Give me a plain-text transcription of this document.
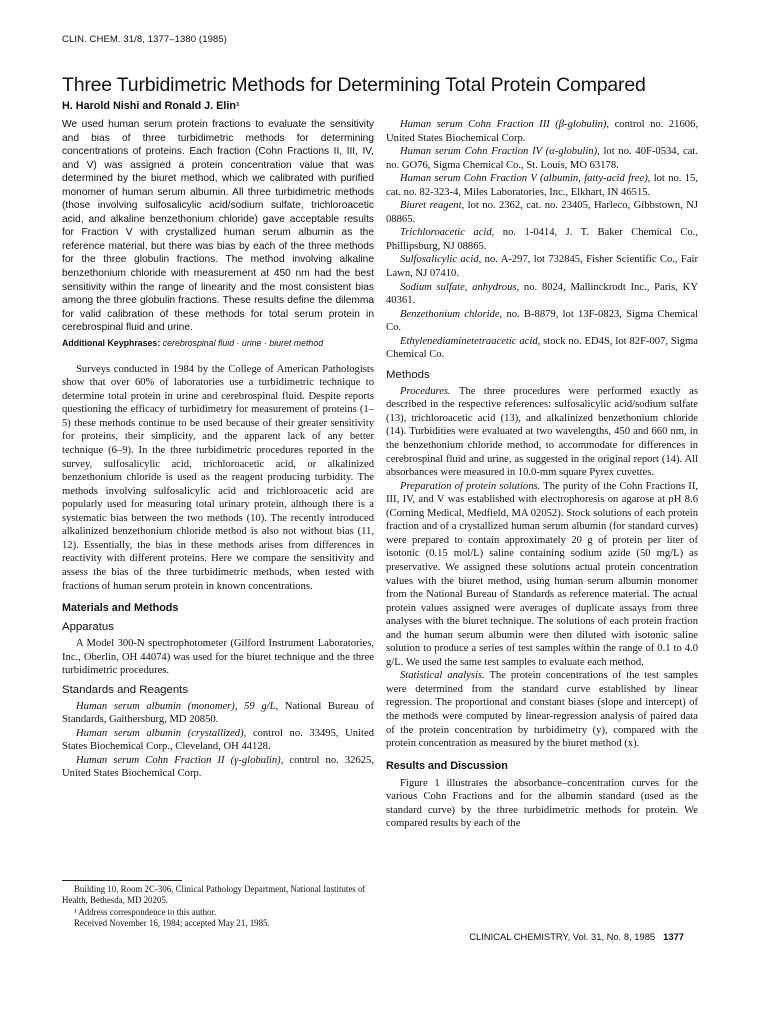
CLIN. CHEM. 31/8, 1377–1380 (1985)
Three Turbidimetric Methods for Determining Total Protein Compared
H. Harold Nishi and Ronald J. Elin¹

We used human serum protein fractions to evaluate the sensitivity and bias of three turbidimetric methods for determining concentrations of proteins. Each fraction (Cohn Fractions II, III, IV, and V) was assigned a protein concentration value that was determined by the biuret method, which we calibrated with purified monomer of human serum albumin. All three turbidimetric methods (those involving sulfosalicylic acid/sodium sulfate, trichloroacetic acid, and alkaline benzethonium chloride) gave acceptable results for Fraction V with crystallized human serum albumin as the reference material, but there was bias by each of the three methods for the three globulin fractions. The method involving alkaline benzethonium chloride with measurement at 450 nm had the best sensitivity within the range of linearity and the most consistent bias among the three globulin fractions. These results define the dilemma for valid calibration of these methods for total serum protein in cerebrospinal fluid and urine.

Additional Keyphrases: cerebrospinal fluid · urine · biuret method

Surveys conducted in 1984 by the College of American Pathologists show that over 60% of laboratories use a turbidimetric technique to determine total protein in urine and cerebrospinal fluid. Despite reports questioning the efficacy of turbidimetry for measurement of proteins (1–5) these methods continue to be used because of their greater sensitivity for proteins, their simplicity, and the apparent lack of any better technique (6–9). In the three turbidimetric procedures reported in the survey, sulfosalicylic acid, trichloroacetic acid, or alkalinized benzethonium chloride is used as the reagent producing turbidity. The methods involving sulfosalicylic acid and trichloroacetic acid are popularly used for measuring total urinary protein, although there is a systematic bias between the two methods (10). The recently introduced alkalinized benzethonium chloride method is also not without bias (11, 12). Essentially, the bias in these methods arises from differences in reactivity with different proteins. Here we compare the sensitivity and assess the bias of the three turbidimetric methods, when tested with fractions of human serum protein in known concentrations.

Materials and Methods
Apparatus

A Model 300-N spectrophotometer (Gilford Instrument Laboratories, Inc., Oberlin, OH 44074) was used for the biuret technique and the three turbidimetric procedures.

Standards and Reagents

Human serum albumin (monomer), 59 g/L, National Bureau of Standards, Gaithersburg, MD 20850.

Human serum albumin (crystallized), control no. 33495, United States Biochemical Corp., Cleveland, OH 44128.

Human serum Cohn Fraction II (γ-globulin), control no. 32625, United States Biochemical Corp.

Human serum Cohn Fraction III (β-globulin), control no. 21606, United States Biochemical Corp.

Human serum Cohn Fraction IV (α-globulin), lot no. 40F-0534, cat. no. GO76, Sigma Chemical Co., St. Louis, MO 63178.

Human serum Cohn Fraction V (albumin, fatty-acid free), lot no. 15, cat. no. 82-323-4, Miles Laboratories, Inc., Elkhart, IN 46515.

Biuret reagent, lot no. 2362, cat. no. 23405, Harleco, Gibbstown, NJ 08865.

Trichloroacetic acid, no. 1-0414, J. T. Baker Chemical Co., Phillipsburg, NJ 08865.

Sulfosalicylic acid, no. A-297, lot 732845, Fisher Scientific Co., Fair Lawn, NJ 07410.

Sodium sulfate, anhydrous, no. 8024, Mallinckrodt Inc., Paris, KY 40361.

Benzethonium chloride, no. B-8879, lot 13F-0823, Sigma Chemical Co.

Ethylenediaminetetraacetic acid, stock no. ED4S, lot 82F-007, Sigma Chemical Co.

Methods

Procedures. The three procedures were performed exactly as described in the respective references: sulfosalicylic acid/sodium sulfate (13), trichloroacetic acid (13), and alkalinized benzethonium chloride (14). Turbidities were evaluated at two wavelengths, 450 and 660 nm, in the benzethonium chloride method, to accommodate for differences in cerebrospinal fluid and urine, as suggested in the original report (14). All absorbances were measured in 10.0-mm square Pyrex cuvettes.

Preparation of protein solutions. The purity of the Cohn Fractions II, III, IV, and V was established with electrophoresis on agarose at pH 8.6 (Corning Medical, Medfield, MA 02052). Stock solutions of each protein fraction and of a crystallized human serum albumin (for standard curves) were prepared to contain approximately 20 g of protein per liter of isotonic (0.15 mol/L) saline containing sodium azide (50 mg/L) as preservative. We assigned these solutions actual protein concentration values with the biuret method, using human serum albumin monomer from the National Bureau of Standards as reference material. The actual protein values assigned were averages of duplicate assays from three analyses with the biuret technique. The solutions of each protein fraction and the human serum albumin were then diluted with isotonic saline solution to produce a series of test samples within the range of 0.1 to 4.0 g/L. We used the same test samples to evaluate each method.

Statistical analysis. The protein concentrations of the test samples were determined from the standard curve established by linear regression. The proportional and constant biases (slope and intercept) of the methods were computed by linear-regression analysis of paired data of the protein concentration by turbidimetry (y), compared with the protein concentration as measured by the biuret method (x).

Results and Discussion

Figure 1 illustrates the absorbance–concentration curves for the various Cohn Fractions and for the albumin standard (used as the standard curve) by the three turbidimetric methods for protein. We compared results by each of the

Building 10, Room 2C-306, Clinical Pathology Department, National Institutes of Health, Bethesda, MD 20205.

¹ Address correspondence to this author.

Received November 16, 1984; accepted May 21, 1985.

CLINICAL CHEMISTRY, Vol. 31, No. 8, 1985 1377
